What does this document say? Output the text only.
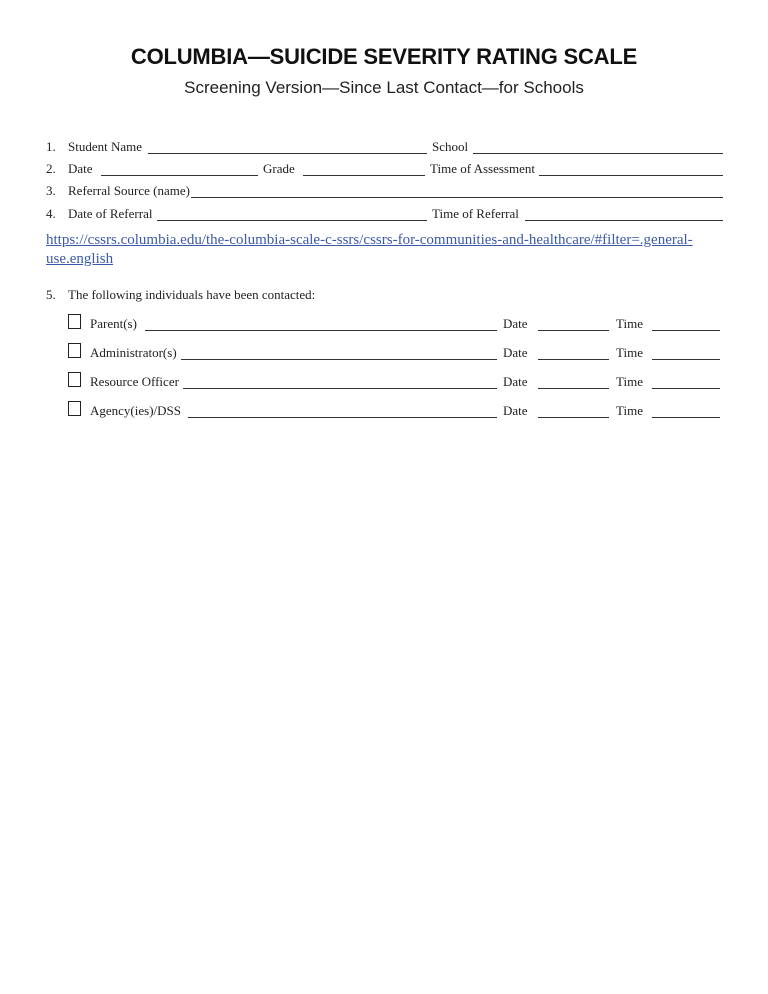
COLUMBIA—SUICIDE SEVERITY RATING SCALE
Screening Version—Since Last Contact—for Schools
1. Student Name	School
2. Date	Grade	Time of Assessment
3. Referral Source (name)
4. Date of Referral	Time of Referral
https://cssrs.columbia.edu/the-columbia-scale-c-ssrs/cssrs-for-communities-and-healthcare/#filter=.general-use.english
5. The following individuals have been contacted:
Parent(s)	Date	Time
Administrator(s)	Date	Time
Resource Officer	Date	Time
Agency(ies)/DSS	Date	Time
